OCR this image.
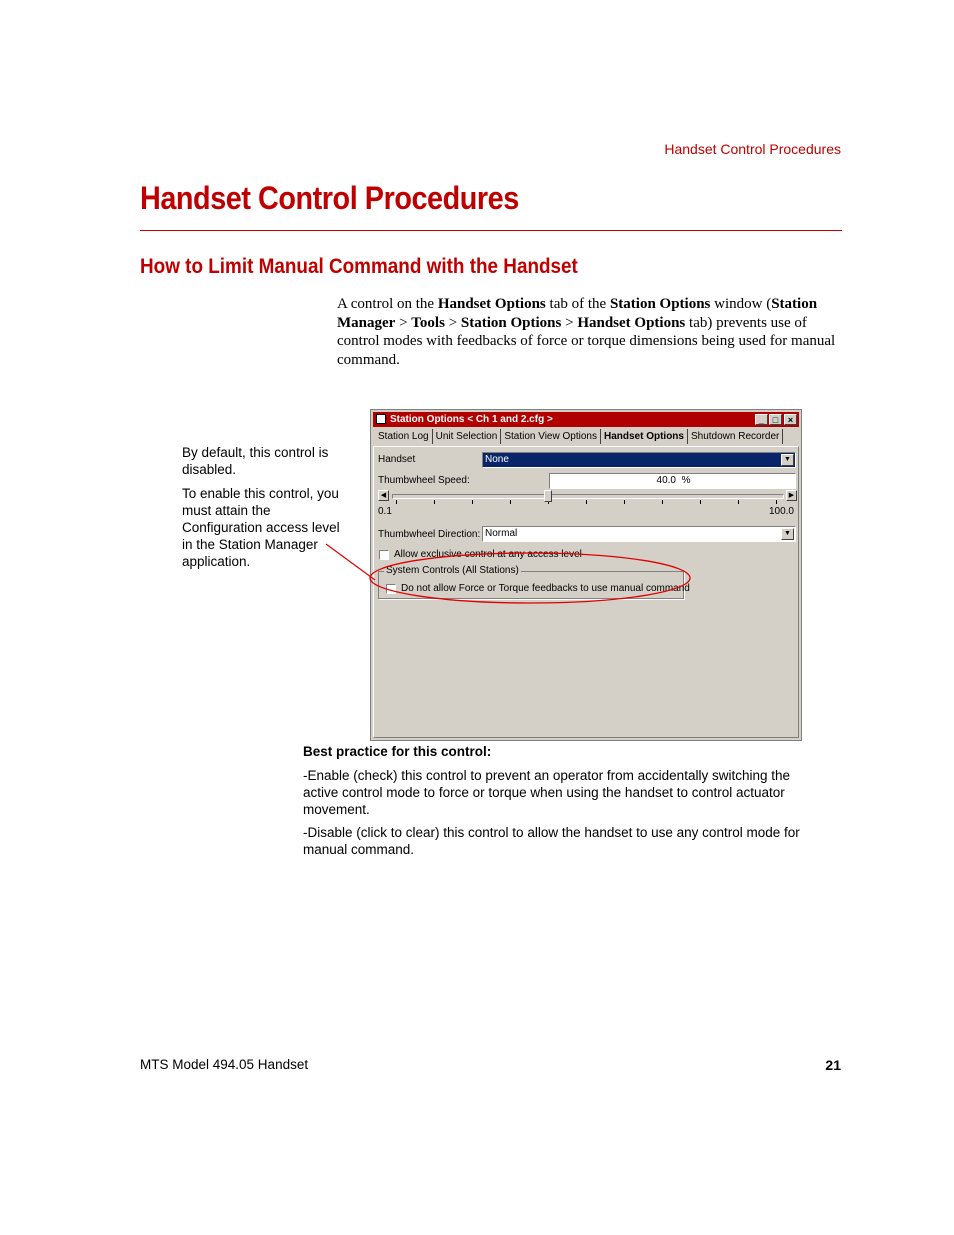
Handset Control Procedures
Handset Control Procedures
How to Limit Manual Command with the Handset
A control on the Handset Options tab of the Station Options window (Station Manager > Tools > Station Options > Handset Options tab) prevents use of control modes with feedbacks of force or torque dimensions being used for manual command.
By default, this control is disabled.
To enable this control, you must attain the Configuration access level in the Station Manager application.
Station Options < Ch 1 and 2.cfg >	_ □	×
Station Log Unit Selection Station View Options Handset Options Shutdown Recorder
Handset	None	▼
Thumbwheel Speed:	40.0 %
◀	▶
0.1	100.0
Thumbwheel Direction: Normal	▼
Allow exclusive control at any access level
System Controls (All Stations)
Do not allow Force or Torque feedbacks to use manual command
Best practice for this control:
-Enable (check) this control to prevent an operator from accidentally switching the active control mode to force or torque when using the handset to control actuator movement.
-Disable (click to clear) this control to allow the handset to use any control mode for manual command.
MTS Model 494.05 Handset	21
